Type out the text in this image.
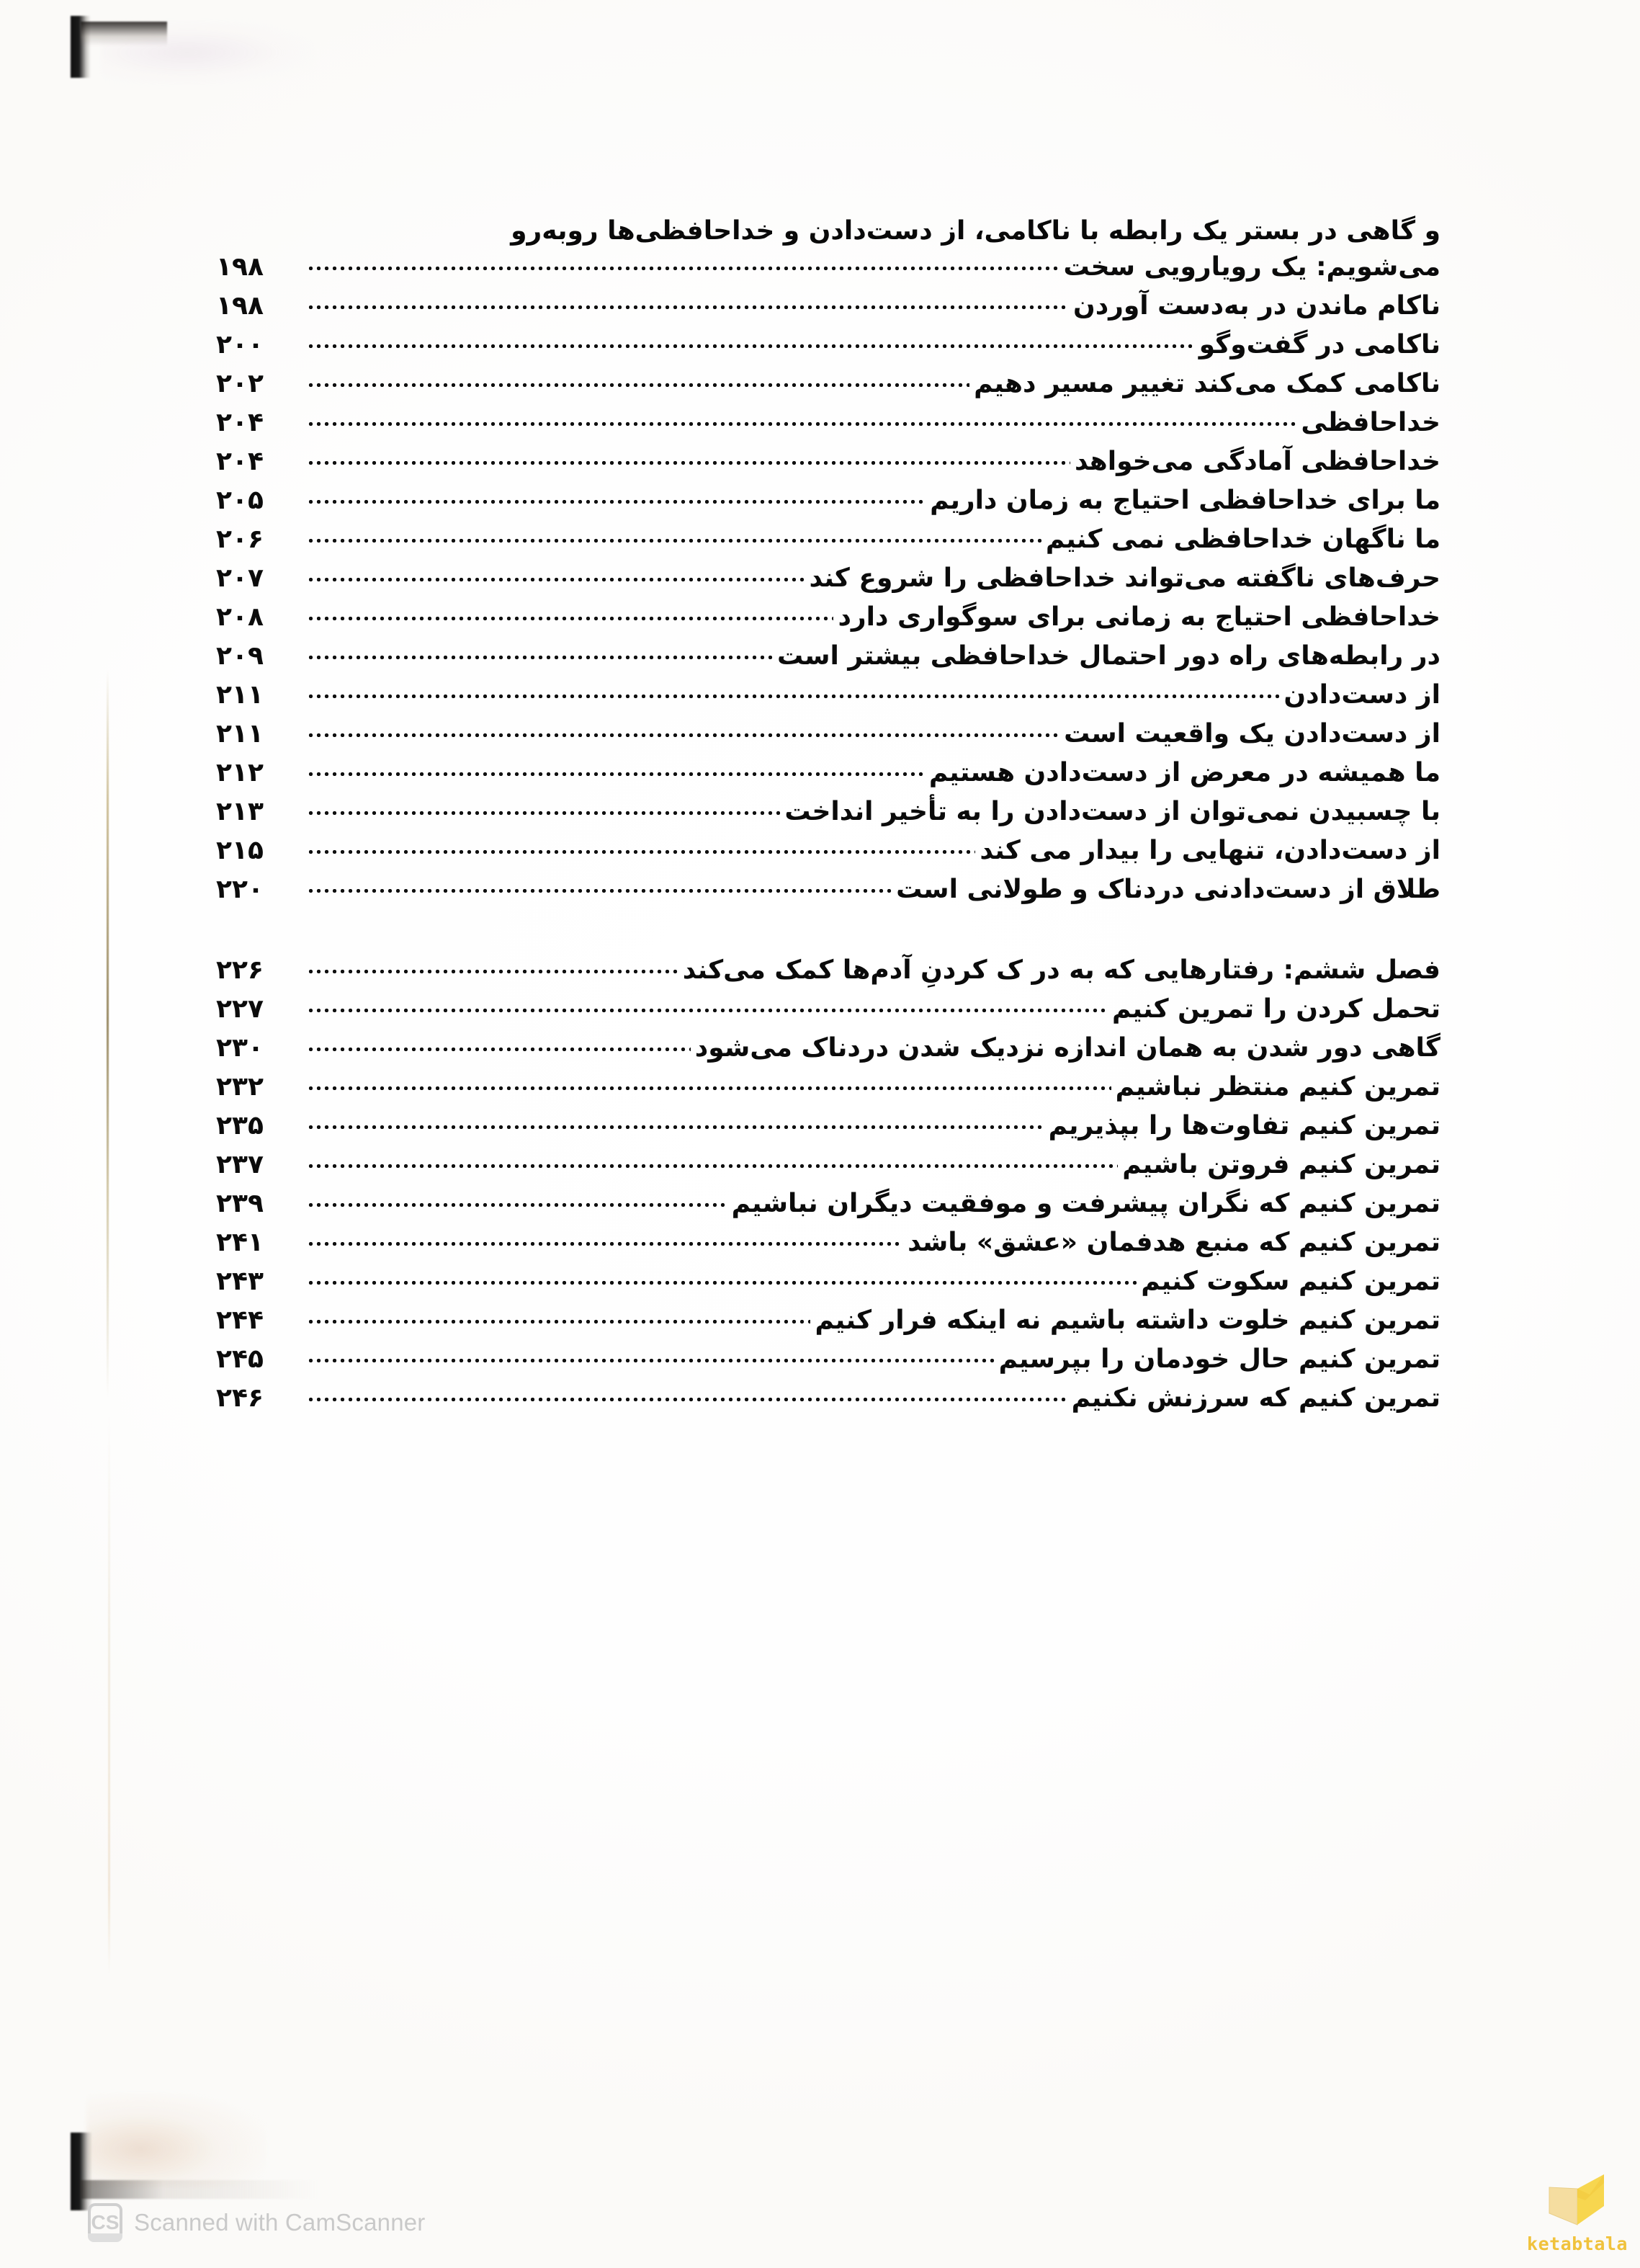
و گاهی در بستر یک رابطه با ناکامی، از دست‌دادن و خداحافظی‌ها روبه‌رو
می‌شویم: یک رویارویی سخت
۱۹۸
ناکام ماندن در به‌دست آوردن
۱۹۸
ناکامی در گفت‌وگو
۲۰۰
ناکامی کمک می‌کند تغییر مسیر دهیم
۲۰۲
خداحافظی
۲۰۴
خداحافظی آمادگی می‌خواهد
۲۰۴
ما برای خداحافظی احتیاج به زمان داریم
۲۰۵
ما ناگهان خداحافظی نمی کنیم
۲۰۶
حرف‌های ناگفته می‌تواند خداحافظی را شروع کند
۲۰۷
خداحافظی احتیاج به زمانی برای سوگواری دارد
۲۰۸
در رابطه‌های راه دور احتمال خداحافظی بیشتر است
۲۰۹
از دست‌دادن
۲۱۱
از دست‌دادن یک واقعیت است
۲۱۱
ما همیشه در معرض از دست‌دادن هستیم
۲۱۲
با چسبیدن نمی‌توان از دست‌دادن را به تأخیر انداخت
۲۱۳
از دست‌دادن، تنهایی را بیدار می کند
۲۱۵
طلاق از دست‌دادنی دردناک و طولانی است
۲۲۰
فصل ششم: رفتارهایی که به در ک کردنِ آدم‌ها کمک می‌کند
۲۲۶
تحمل کردن را تمرین کنیم
۲۲۷
گاهی دور شدن به همان اندازه نزدیک شدن دردناک می‌شود
۲۳۰
تمرین کنیم منتظر نباشیم
۲۳۲
تمرین کنیم تفاوت‌ها را بپذیریم
۲۳۵
تمرین کنیم فروتن باشیم
۲۳۷
تمرین کنیم که نگران پیشرفت و موفقیت دیگران نباشیم
۲۳۹
تمرین کنیم که منبع هدفمان «عشق» باشد
۲۴۱
تمرین کنیم سکوت کنیم
۲۴۳
تمرین کنیم خلوت داشته باشیم نه اینکه فرار کنیم
۲۴۴
تمرین کنیم حال خودمان را بپرسیم
۲۴۵
تمرین کنیم که سرزنش نکنیم
۲۴۶
CS Scanned with CamScanner
ketabtala
